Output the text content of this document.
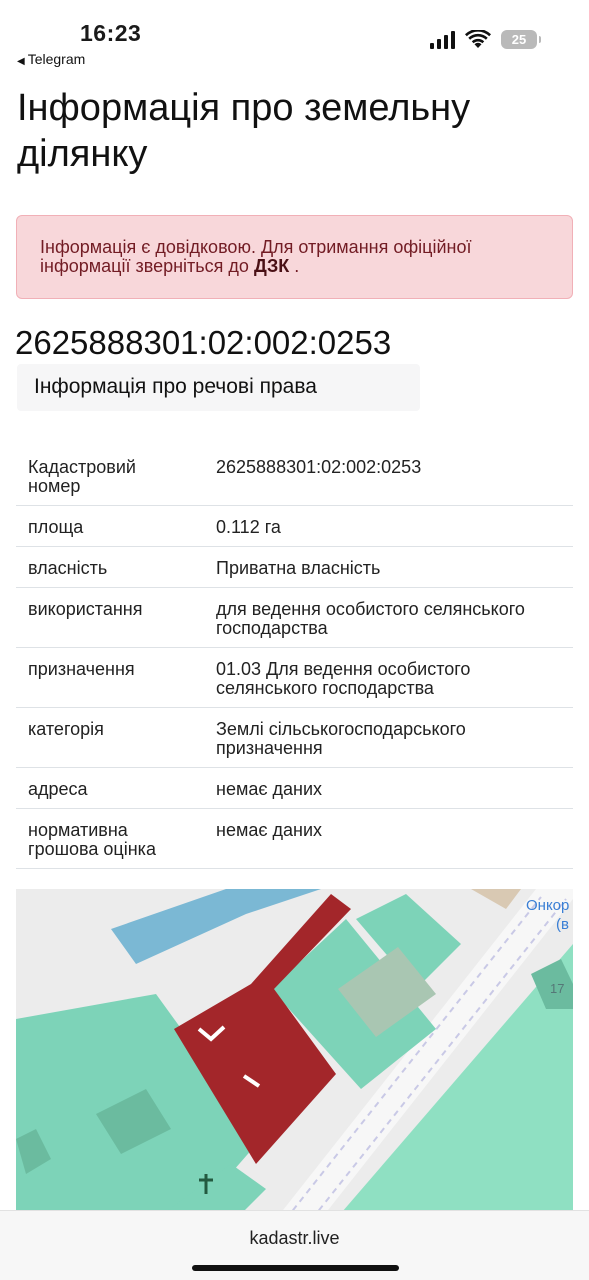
16:23
◀ Telegram
25
Інформація про земельну ділянку
Інформація є довідковою. Для отримання офіційної інформації зверніться до ДЗК .
2625888301:02:002:0253
Інформація про речові права
Кадастровий номер	2625888301:02:002:0253
площа	0.112 га
власність	Приватна власність
використання	для ведення особистого селянського господарства
призначення	01.03 Для ведення особистого селянського господарства
категорія	Землі сільськогосподарського призначення
адреса	немає даних
нормативна грошова оцінка	немає даних
Онкор
(в
17
kadastr.live
